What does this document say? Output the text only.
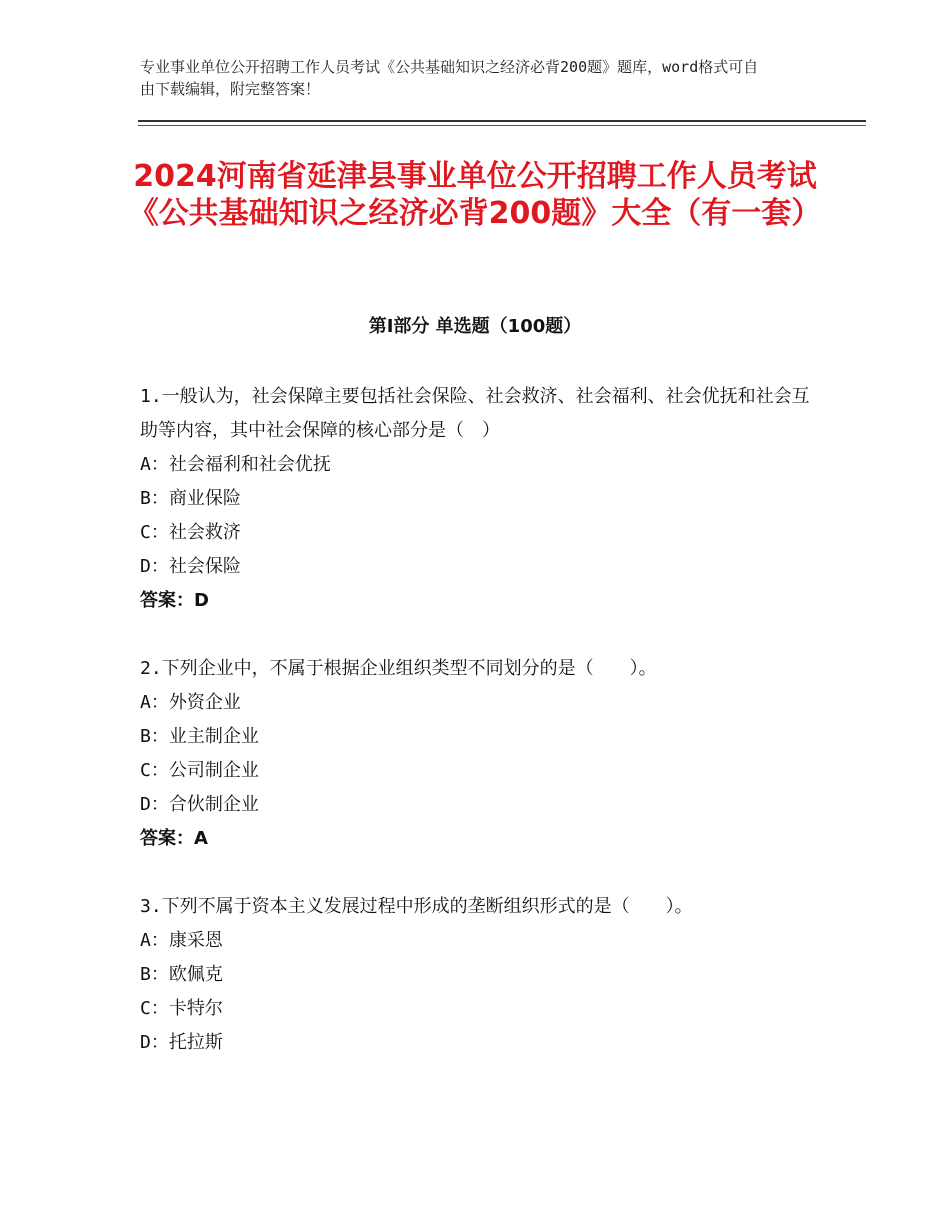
专业事业单位公开招聘工作人员考试《公共基础知识之经济必背200题》题库，word格式可自由下载编辑，附完整答案！
2024河南省延津县事业单位公开招聘工作人员考试《公共基础知识之经济必背200题》大全（有一套）
第Ⅰ部分 单选题（100题）
1.一般认为，社会保障主要包括社会保险、社会救济、社会福利、社会优抚和社会互助等内容，其中社会保障的核心部分是（　）
A：社会福利和社会优抚
B：商业保险
C：社会救济
D：社会保险
答案：D
2.下列企业中，不属于根据企业组织类型不同划分的是（　　）。
A：外资企业
B：业主制企业
C：公司制企业
D：合伙制企业
答案：A
3.下列不属于资本主义发展过程中形成的垄断组织形式的是（　　）。
A：康采恩
B：欧佩克
C：卡特尔
D：托拉斯
